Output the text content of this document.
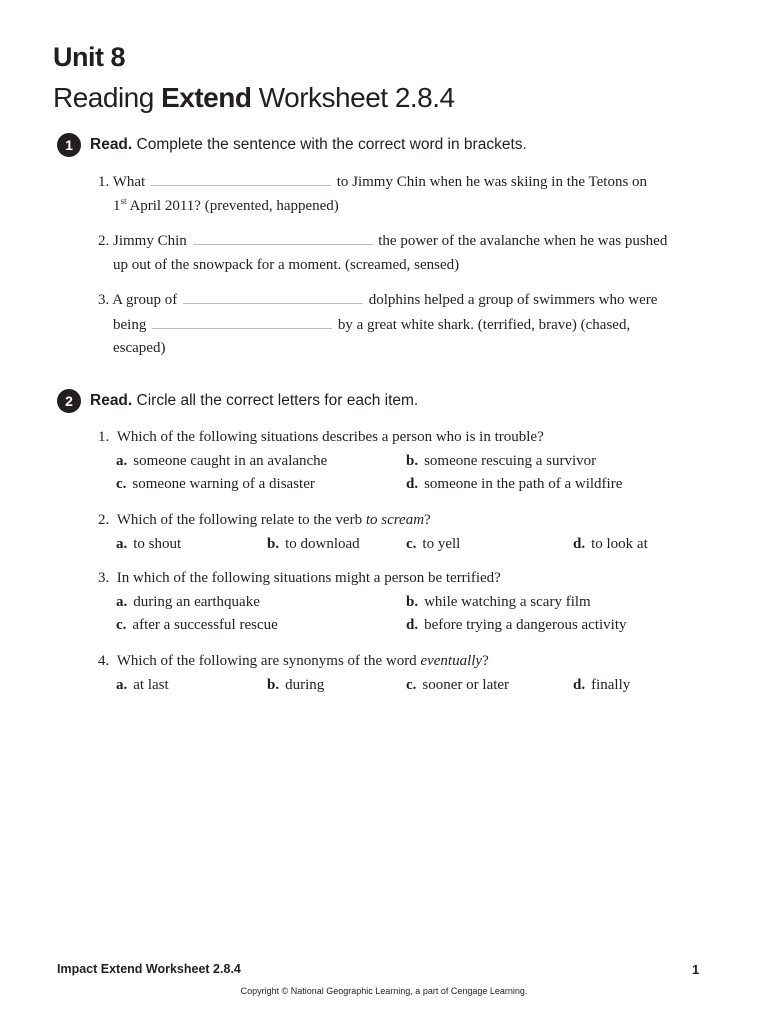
Unit 8
Reading Extend Worksheet 2.8.4
1 Read. Complete the sentence with the correct word in brackets.
1. What	to Jimmy Chin when he was skiing in the Tetons on
1st April 2011? (prevented, happened)
2. Jimmy Chin	the power of the avalanche when he was pushed
up out of the snowpack for a moment. (screamed, sensed)
3. A group of	dolphins helped a group of swimmers who were
being	by a great white shark. (terrified, brave) (chased,
escaped)
2 Read. Circle all the correct letters for each item.
1. Which of the following situations describes a person who is in trouble?
a. someone caught in an avalanche	b. someone rescuing a survivor
c. someone warning of a disaster	d. someone in the path of a wildfire
2. Which of the following relate to the verb to scream?
a. to shout	b. to download	c. to yell	d. to look at
3. In which of the following situations might a person be terrified?
a. during an earthquake	b. while watching a scary film
c. after a successful rescue	d. before trying a dangerous activity
4. Which of the following are synonyms of the word eventually?
a. at last	b. during	c. sooner or later	d. finally
Impact Extend Worksheet 2.8.4	1
Copyright © National Geographic Learning, a part of Cengage Learning.
